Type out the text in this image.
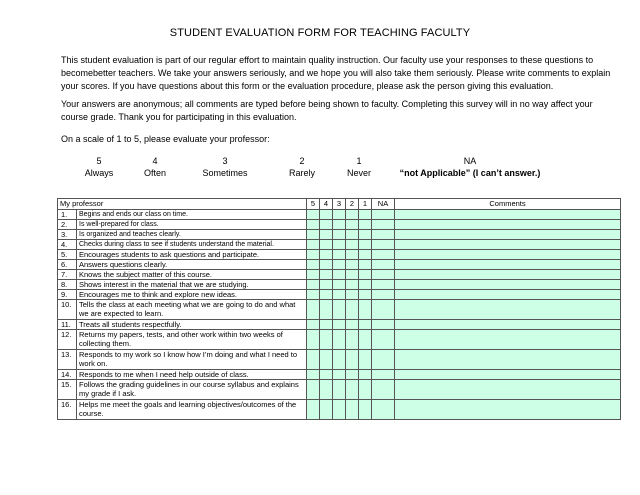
STUDENT EVALUATION FORM FOR TEACHING FACULTY

This student evaluation is part of our regular effort to maintain quality instruction. Our faculty use your responses to these questions to becomebetter teachers. We take your answers seriously, and we hope you will also take them seriously. Please write comments to explain your scores. If you have questions about this form or the evaluation procedure, please ask the person giving this evaluation.

Your answers are anonymous; all comments are typed before being shown to faculty. Completing this survey will in no way affect your course grade. Thank you for participating in this evaluation.

On a scale of 1 to 5, please evaluate your professor:

5
Always
4
Often
3
Sometimes
2
Rarely
1
Never
NA
“not Applicable” (I can’t answer.)
My professor		5	4	3	2	1	NA	Comments
1.	Begins and ends our class on time.							
2.	Is well-prepared for class.							
3.	Is organized and teaches clearly.							
4.	Checks during class to see if students understand the material.							
5.	Encourages students to ask questions and participate.							
6.	Answers questions clearly.							
7.	Knows the subject matter of this course.							
8.	Shows interest in the material that we are studying.							
9.	Encourages me to think and explore new ideas.							
10.	Tells the class at each meeting what we are going to do and what we are expected to learn.							
11.	Treats all students respectfully.							
12.	Returns my papers, tests, and other work within two weeks of collecting them.							
13.	Responds to my work so I know how I’m doing and what I need to work on.							
14.	Responds to me when I need help outside of class.							
15.	Follows the grading guidelines in our course syllabus and explains my grade if I ask.							
16.	Helps me meet the goals and learning objectives/outcomes of the course.							
